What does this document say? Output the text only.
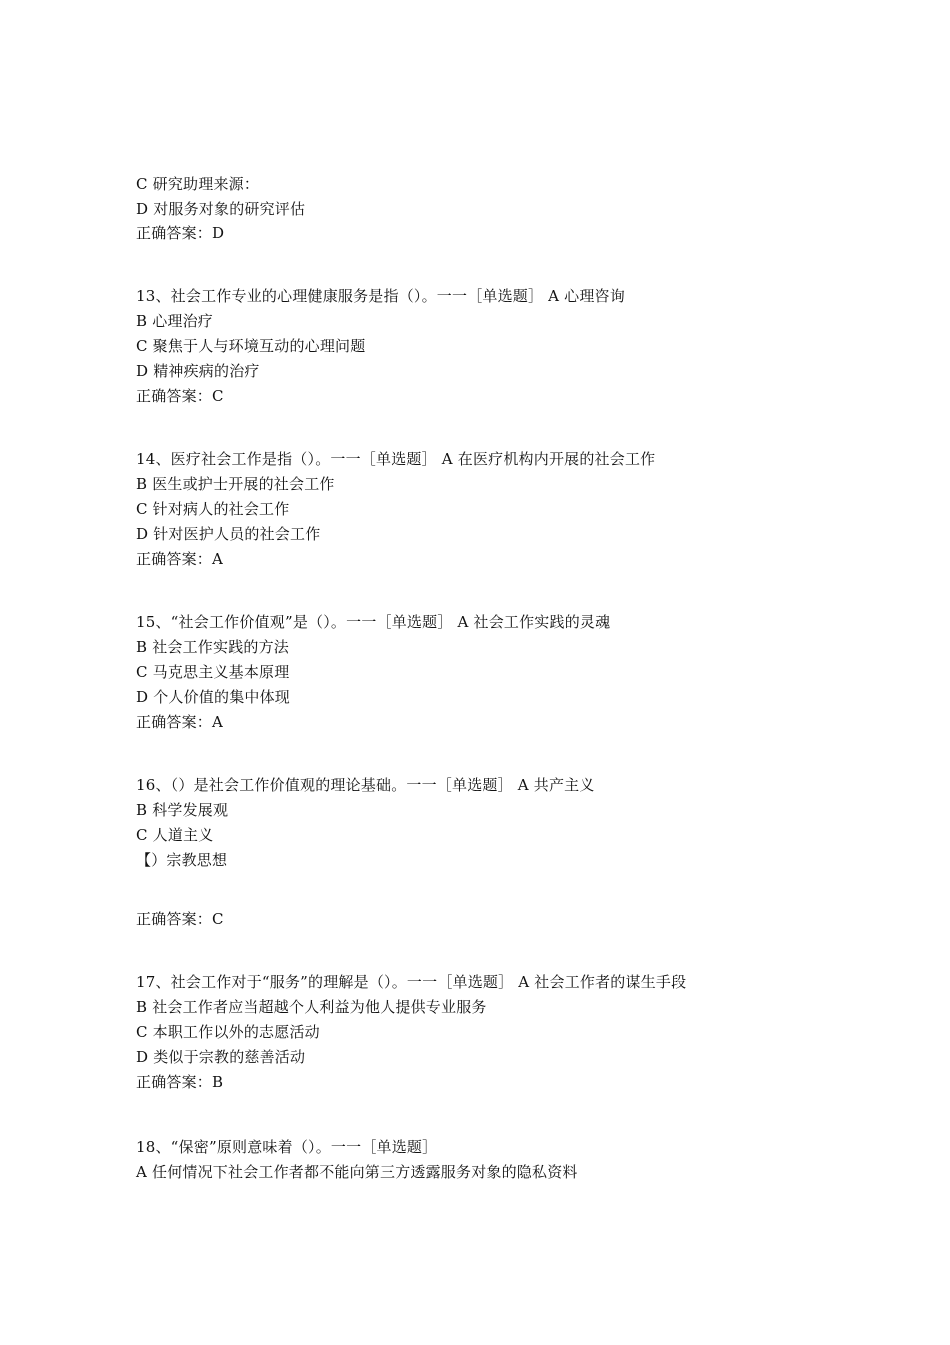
C 研究助理来源：
D 对服务对象的研究评估
正确答案：D
13、社会工作专业的心理健康服务是指（）。一一［单选题］ A 心理咨询
B 心理治疗
C 聚焦于人与环境互动的心理问题
D 精神疾病的治疗
正确答案：C
14、医疗社会工作是指（）。一一［单选题］ A 在医疗机构内开展的社会工作
B 医生或护士开展的社会工作
C 针对病人的社会工作
D 针对医护人员的社会工作
正确答案：A
15、“社会工作价值观”是（）。一一［单选题］ A 社会工作实践的灵魂
B 社会工作实践的方法
C 马克思主义基本原理
D 个人价值的集中体现
正确答案：A
16、（）是社会工作价值观的理论基础。一一［单选题］ A 共产主义
B 科学发展观
C 人道主义
【）宗教思想
正确答案：C
17、社会工作对于“服务”的理解是（）。一一［单选题］ A 社会工作者的谋生手段
B 社会工作者应当超越个人利益为他人提供专业服务
C 本职工作以外的志愿活动
D 类似于宗教的慈善活动
正确答案：B
18、“保密”原则意味着（）。一一［单选题］
A 任何情况下社会工作者都不能向第三方透露服务对象的隐私资料
